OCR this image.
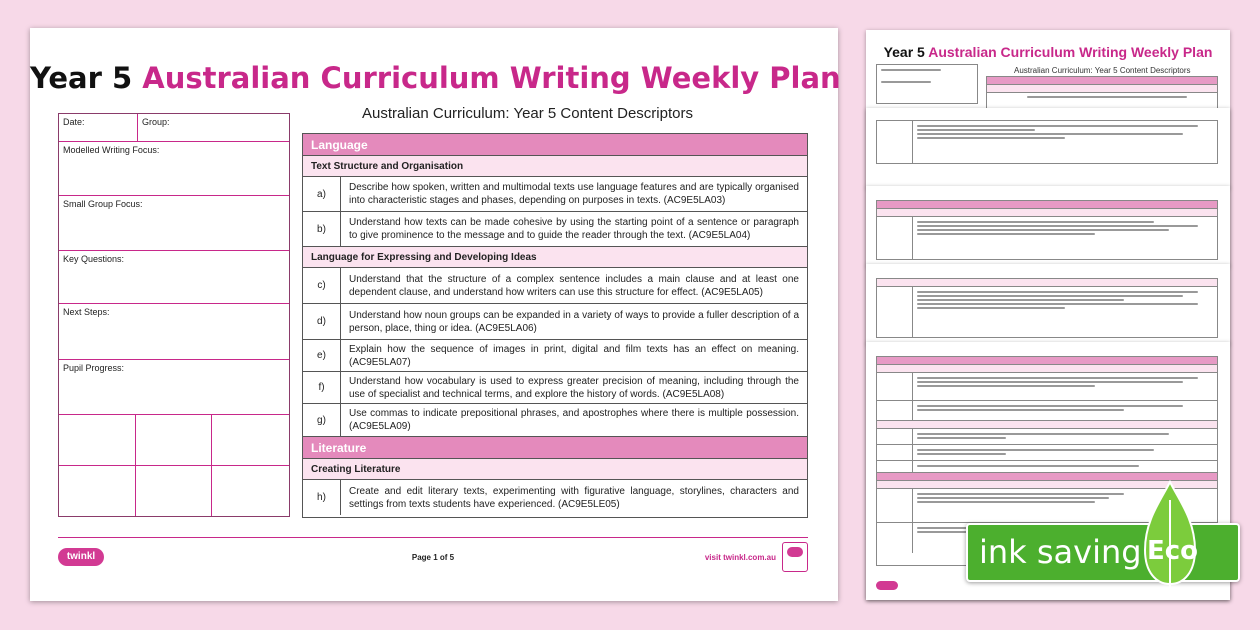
Year 5 Australian Curriculum Writing Weekly Plan
Date:	Group:
Modelled Writing Focus:
Small Group Focus:
Key Questions:
Next Steps:
Pupil Progress:
Australian Curriculum: Year 5 Content Descriptors
Language
Text Structure and Organisation
a)
Describe how spoken, written and multimodal texts use language features and are typically organised into characteristic stages and phases, depending on purposes in texts. (AC9E5LA03)
b)
Understand how texts can be made cohesive by using the starting point of a sentence or paragraph to give prominence to the message and to guide the reader through the text. (AC9E5LA04)
Language for Expressing and Developing Ideas
c)
Understand that the structure of a complex sentence includes a main clause and at least one dependent clause, and understand how writers can use this structure for effect. (AC9E5LA05)
d)
Understand how noun groups can be expanded in a variety of ways to provide a fuller description of a person, place, thing or idea. (AC9E5LA06)
e)
Explain how the sequence of images in print, digital and film texts has an effect on meaning. (AC9E5LA07)
f)
Understand how vocabulary is used to express greater precision of meaning, including through the use of specialist and technical terms, and explore the history of words. (AC9E5LA08)
g)
Use commas to indicate prepositional phrases, and apostrophes where there is multiple possession. (AC9E5LA09)
Literature
Creating Literature
h)
Create and edit literary texts, experimenting with figurative language, storylines, characters and settings from texts students have experienced. (AC9E5LE05)
twinkl	Page 1 of 5	visit twinkl.com.au
Year 5 Australian Curriculum Writing Weekly Plan
Australian Curriculum: Year 5 Content Descriptors
ink saving Eco
